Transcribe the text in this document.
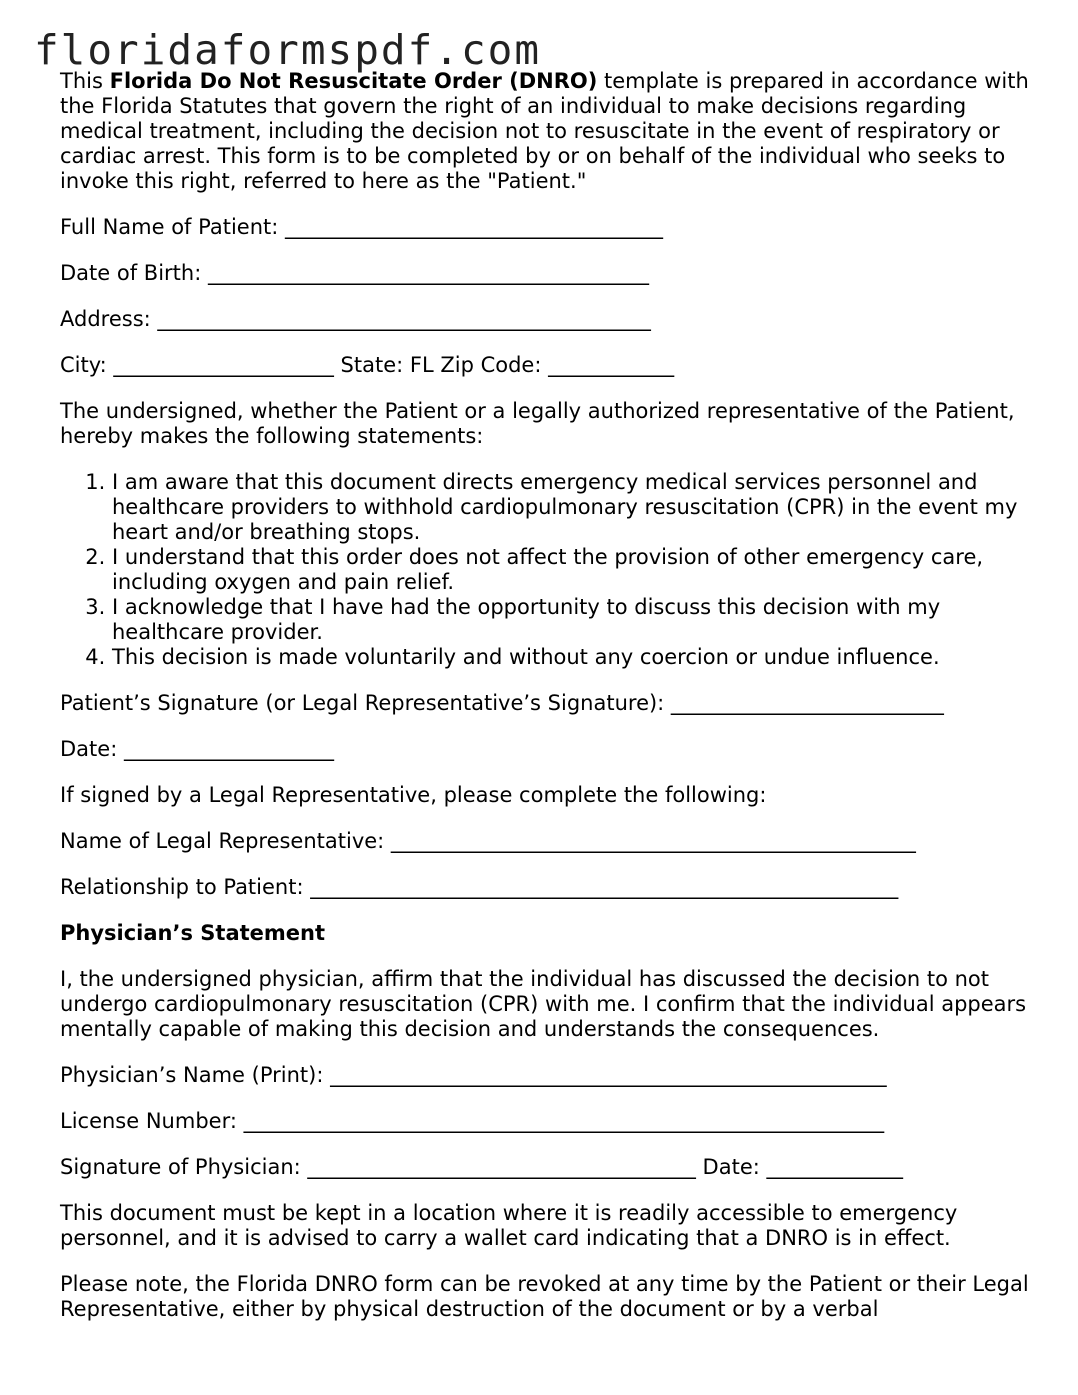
floridaformspdf.com

This Florida Do Not Resuscitate Order (DNRO) template is prepared in accordance with the Florida Statutes that govern the right of an individual to make decisions regarding medical treatment, including the decision not to resuscitate in the event of respiratory or cardiac arrest. This form is to be completed by or on behalf of the individual who seeks to invoke this right, referred to here as the "Patient."

Full Name of Patient: ____________________________________

Date of Birth: __________________________________________

Address: _______________________________________________

City: _____________________ State: FL Zip Code: ____________

The undersigned, whether the Patient or a legally authorized representative of the Patient, hereby makes the following statements:

1. I am aware that this document directs emergency medical services personnel and healthcare providers to withhold cardiopulmonary resuscitation (CPR) in the event my heart and/or breathing stops.
2. I understand that this order does not affect the provision of other emergency care, including oxygen and pain relief.
3. I acknowledge that I have had the opportunity to discuss this decision with my healthcare provider.
4. This decision is made voluntarily and without any coercion or undue influence.

Patient’s Signature (or Legal Representative’s Signature): __________________________

Date: ____________________

If signed by a Legal Representative, please complete the following:

Name of Legal Representative: __________________________________________________

Relationship to Patient: ________________________________________________________

Physician’s Statement

I, the undersigned physician, affirm that the individual has discussed the decision to not undergo cardiopulmonary resuscitation (CPR) with me. I confirm that the individual appears mentally capable of making this decision and understands the consequences.

Physician’s Name (Print): _____________________________________________________

License Number: _____________________________________________________________

Signature of Physician: _____________________________________ Date: _____________

This document must be kept in a location where it is readily accessible to emergency personnel, and it is advised to carry a wallet card indicating that a DNRO is in effect.

Please note, the Florida DNRO form can be revoked at any time by the Patient or their Legal Representative, either by physical destruction of the document or by a verbal
